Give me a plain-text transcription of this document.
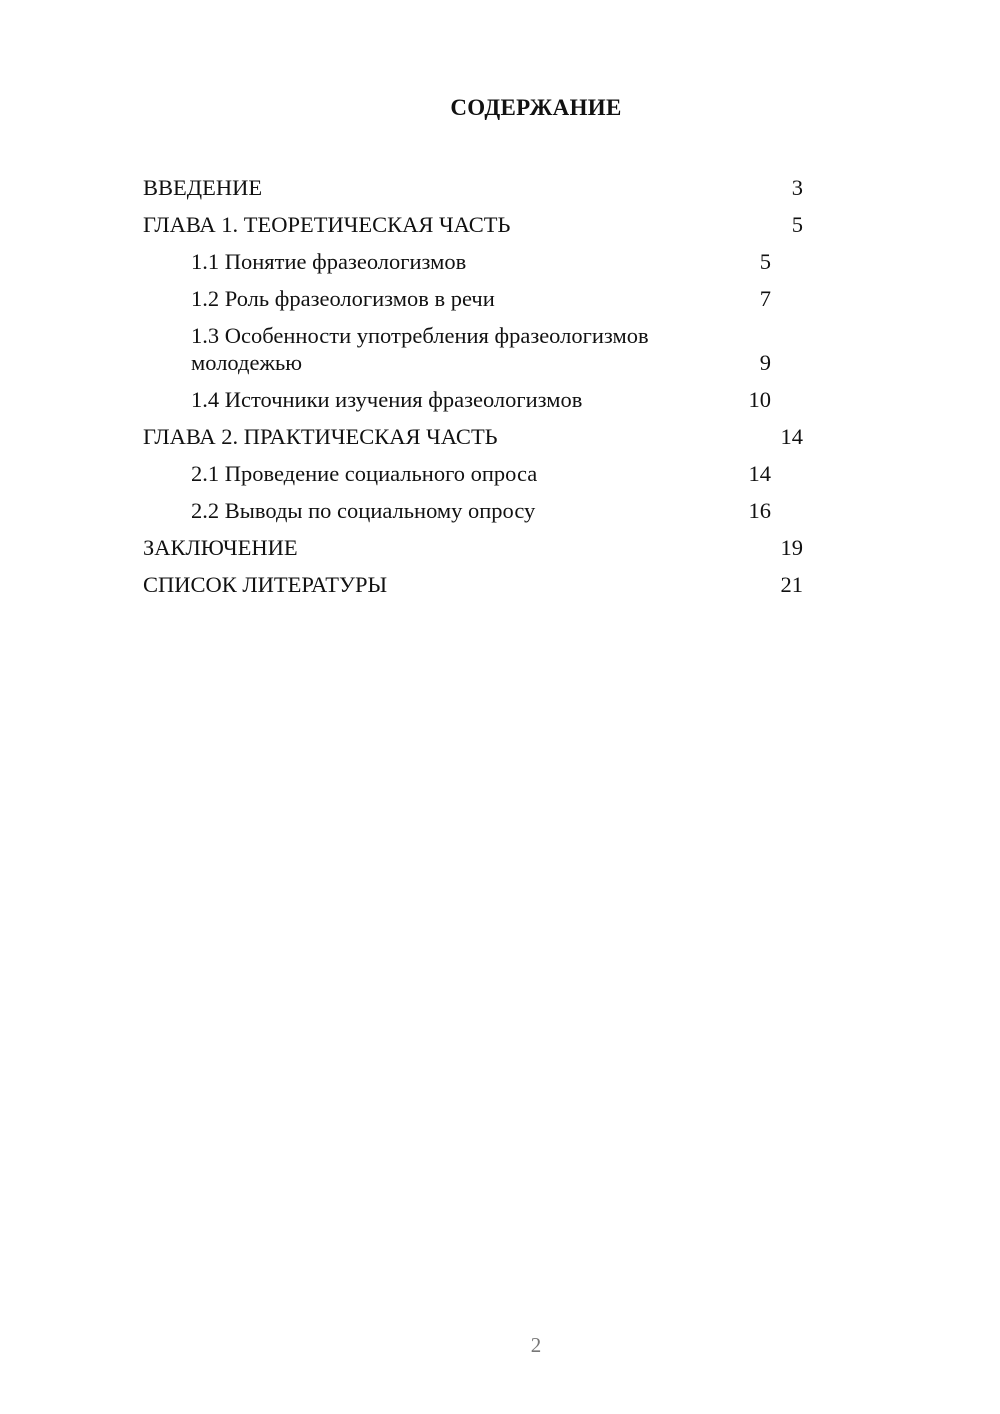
СОДЕРЖАНИЕ
ВВЕДЕНИЕ	3
ГЛАВА 1. ТЕОРЕТИЧЕСКАЯ ЧАСТЬ	5
1.1 Понятие фразеологизмов	5
1.2 Роль фразеологизмов в речи	7
1.3 Особенности употребления фразеологизмов молодежью	9
1.4 Источники изучения фразеологизмов	10
ГЛАВА 2. ПРАКТИЧЕСКАЯ ЧАСТЬ	14
2.1 Проведение социального опроса	14
2.2 Выводы по социальному опросу	16
ЗАКЛЮЧЕНИЕ	19
СПИСОК ЛИТЕРАТУРЫ	21
2
